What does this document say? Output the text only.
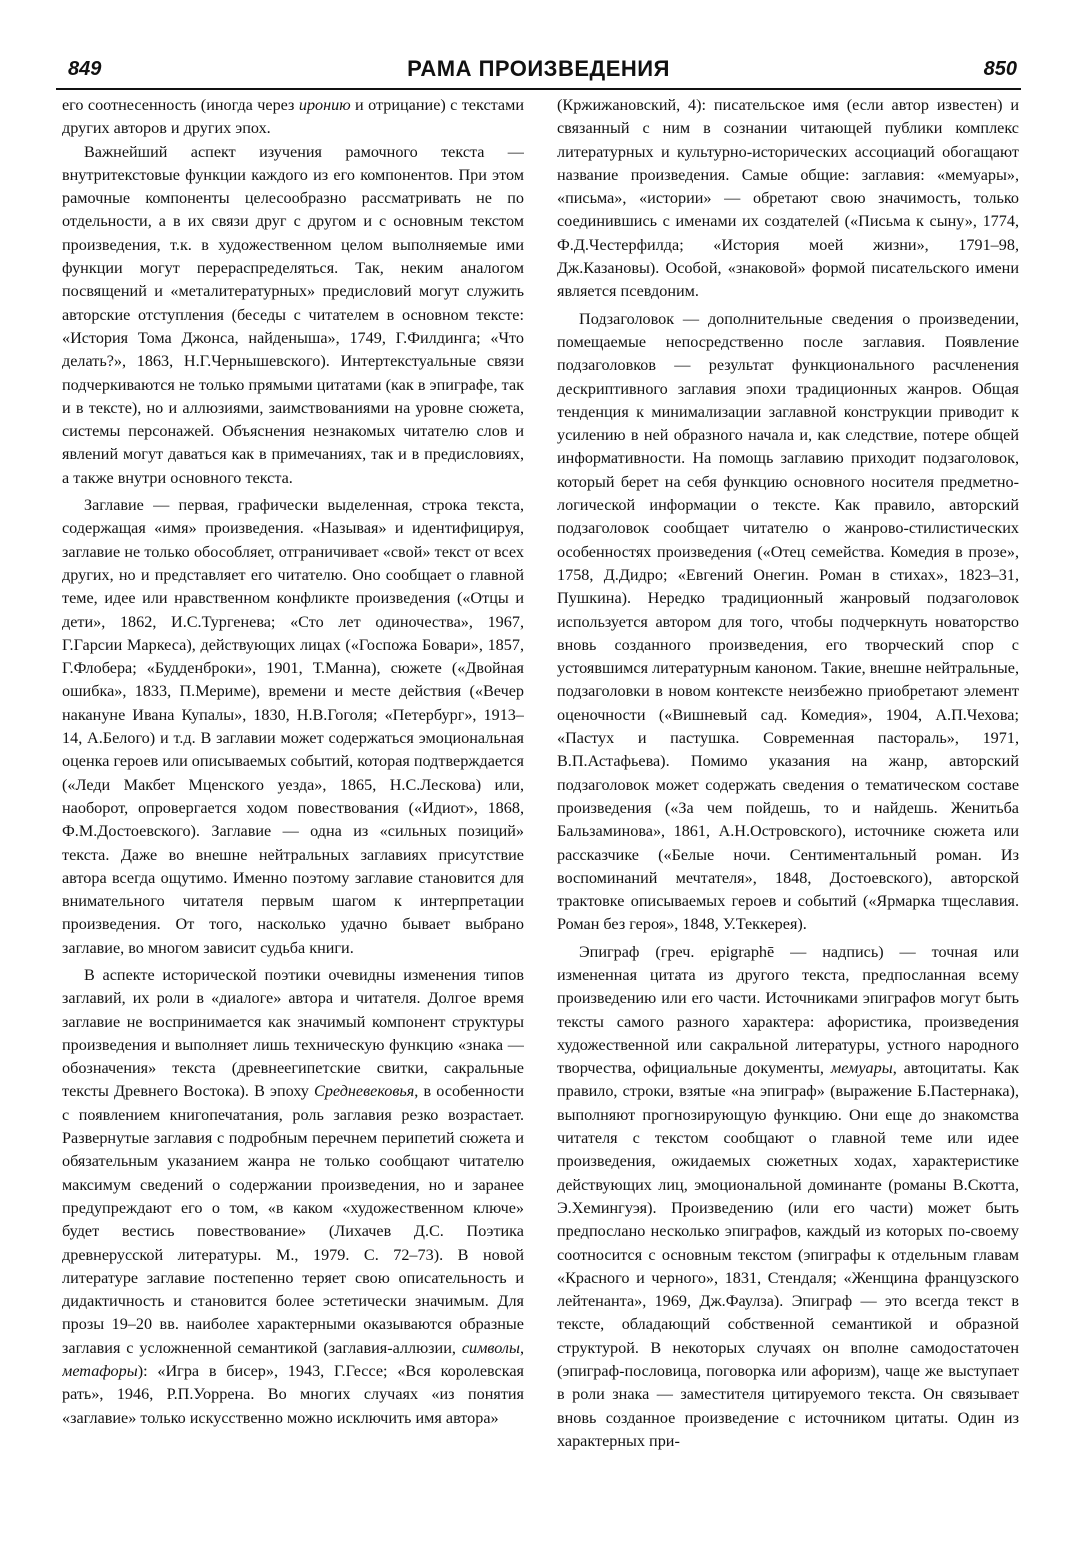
849	РАМА ПРОИЗВЕДЕНИЯ	850

его соотнесенность (иногда через иронию и отрицание) с текстами других авторов и других эпох.

Важнейший аспект изучения рамочного текста — внутритекстовые функции каждого из его компонентов. При этом рамочные компоненты целесообразно рассматривать не по отдельности, а в их связи друг с другом и с основным текстом произведения, т.к. в художественном целом выполняемые ими функции могут перераспределяться. Так, неким аналогом посвящений и «металитературных» предисловий могут служить авторские отступления (беседы с читателем в основном тексте: «История Тома Джонса, найденыша», 1749, Г.Филдинга; «Что делать?», 1863, Н.Г.Чернышевского). Интертекстуальные связи подчеркиваются не только прямыми цитатами (как в эпиграфе, так и в тексте), но и аллюзиями, заимствованиями на уровне сюжета, системы персонажей. Объяснения незнакомых читателю слов и явлений могут даваться как в примечаниях, так и в предисловиях, а также внутри основного текста.

Заглавие — первая, графически выделенная, строка текста, содержащая «имя» произведения. «Называя» и идентифицируя, заглавие не только обособляет, отграничивает «свой» текст от всех других, но и представляет его читателю. Оно сообщает о главной теме, идее или нравственном конфликте произведения («Отцы и дети», 1862, И.С.Тургенева; «Сто лет одиночества», 1967, Г.Гарсии Маркеса), действующих лицах («Госпожа Бовари», 1857, Г.Флобера; «Будденброки», 1901, Т.Манна), сюжете («Двойная ошибка», 1833, П.Мериме), времени и месте действия («Вечер накануне Ивана Купалы», 1830, Н.В.Гоголя; «Петербург», 1913–14, А.Белого) и т.д. В заглавии может содержаться эмоциональная оценка героев или описываемых событий, которая подтверждается («Леди Макбет Мценского уезда», 1865, Н.С.Лескова) или, наоборот, опровергается ходом повествования («Идиот», 1868, Ф.М.Достоевского). Заглавие — одна из «сильных позиций» текста. Даже во внешне нейтральных заглавиях присутствие автора всегда ощутимо. Именно поэтому заглавие становится для внимательного читателя первым шагом к интерпретации произведения. От того, насколько удачно бывает выбрано заглавие, во многом зависит судьба книги.

В аспекте исторической поэтики очевидны изменения типов заглавий, их роли в «диалоге» автора и читателя. Долгое время заглавие не воспринимается как значимый компонент структуры произведения и выполняет лишь техническую функцию «знака — обозначения» текста (древнеегипетские свитки, сакральные тексты Древнего Востока). В эпоху Средневековья, в особенности с появлением книгопечатания, роль заглавия резко возрастает. Развернутые заглавия с подробным перечнем перипетий сюжета и обязательным указанием жанра не только сообщают читателю максимум сведений о содержании произведения, но и заранее предупреждают его о том, «в каком «художественном ключе» будет вестись повествование» (Лихачев Д.С. Поэтика древнерусской литературы. М., 1979. С. 72–73). В новой литературе заглавие постепенно теряет свою описательность и дидактичность и становится более эстетически значимым. Для прозы 19–20 вв. наиболее характерными оказываются образные заглавия с усложненной семантикой (заглавия-аллюзии, символы, метафоры): «Игра в бисер», 1943, Г.Гессе; «Вся королевская рать», 1946, Р.П.Уоррена. Во многих случаях «из понятия «заглавие» только искусственно можно исключить имя автора»

(Кржижановский, 4): писательское имя (если автор известен) и связанный с ним в сознании читающей публики комплекс литературных и культурно-исторических ассоциаций обогащают название произведения. Самые общие: заглавия: «мемуары», «письма», «истории» — обретают свою значимость, только соединившись с именами их создателей («Письма к сыну», 1774, Ф.Д.Честерфилда; «История моей жизни», 1791–98, Дж.Казановы). Особой, «знаковой» формой писательского имени является псевдоним.

Подзаголовок — дополнительные сведения о произведении, помещаемые непосредственно после заглавия. Появление подзаголовков — результат функционального расчленения дескриптивного заглавия эпохи традиционных жанров. Общая тенденция к минимализации заглавной конструкции приводит к усилению в ней образного начала и, как следствие, потере общей информативности. На помощь заглавию приходит подзаголовок, который берет на себя функцию основного носителя предметно-логической информации о тексте. Как правило, авторский подзаголовок сообщает читателю о жанрово-стилистических особенностях произведения («Отец семейства. Комедия в прозе», 1758, Д.Дидро; «Евгений Онегин. Роман в стихах», 1823–31, Пушкина). Нередко традиционный жанровый подзаголовок используется автором для того, чтобы подчеркнуть новаторство вновь созданного произведения, его творческий спор с устоявшимся литературным каноном. Такие, внешне нейтральные, подзаголовки в новом контексте неизбежно приобретают элемент оценочности («Вишневый сад. Комедия», 1904, А.П.Чехова; «Пастух и пастушка. Современная пастораль», 1971, В.П.Астафьева). Помимо указания на жанр, авторский подзаголовок может содержать сведения о тематическом составе произведения («За чем пойдешь, то и найдешь. Женитьба Бальзаминова», 1861, А.Н.Островского), источнике сюжета или рассказчике («Белые ночи. Сентиментальный роман. Из воспоминаний мечтателя», 1848, Достоевского), авторской трактовке описываемых героев и событий («Ярмарка тщеславия. Роман без героя», 1848, У.Теккерея).

Эпиграф (греч. epigraphē — надпись) — точная или измененная цитата из другого текста, предпосланная всему произведению или его части. Источниками эпиграфов могут быть тексты самого разного характера: афористика, произведения художественной или сакральной литературы, устного народного творчества, официальные документы, мемуары, автоцитаты. Как правило, строки, взятые «на эпиграф» (выражение Б.Пастернака), выполняют прогнозирующую функцию. Они еще до знакомства читателя с текстом сообщают о главной теме или идее произведения, ожидаемых сюжетных ходах, характеристике действующих лиц, эмоциональной доминанте (романы В.Скотта, Э.Хемингуэя). Произведению (или его части) может быть предпослано несколько эпиграфов, каждый из которых по-своему соотносится с основным текстом (эпиграфы к отдельным главам «Красного и черного», 1831, Стендаля; «Женщина французского лейтенанта», 1969, Дж.Фаулза). Эпиграф — это всегда текст в тексте, обладающий собственной семантикой и образной структурой. В некоторых случаях он вполне самодостаточен (эпиграф-пословица, поговорка или афоризм), чаще же выступает в роли знака — заместителя цитируемого текста. Он связывает вновь созданное произведение с источником цитаты. Один из характерных при-
